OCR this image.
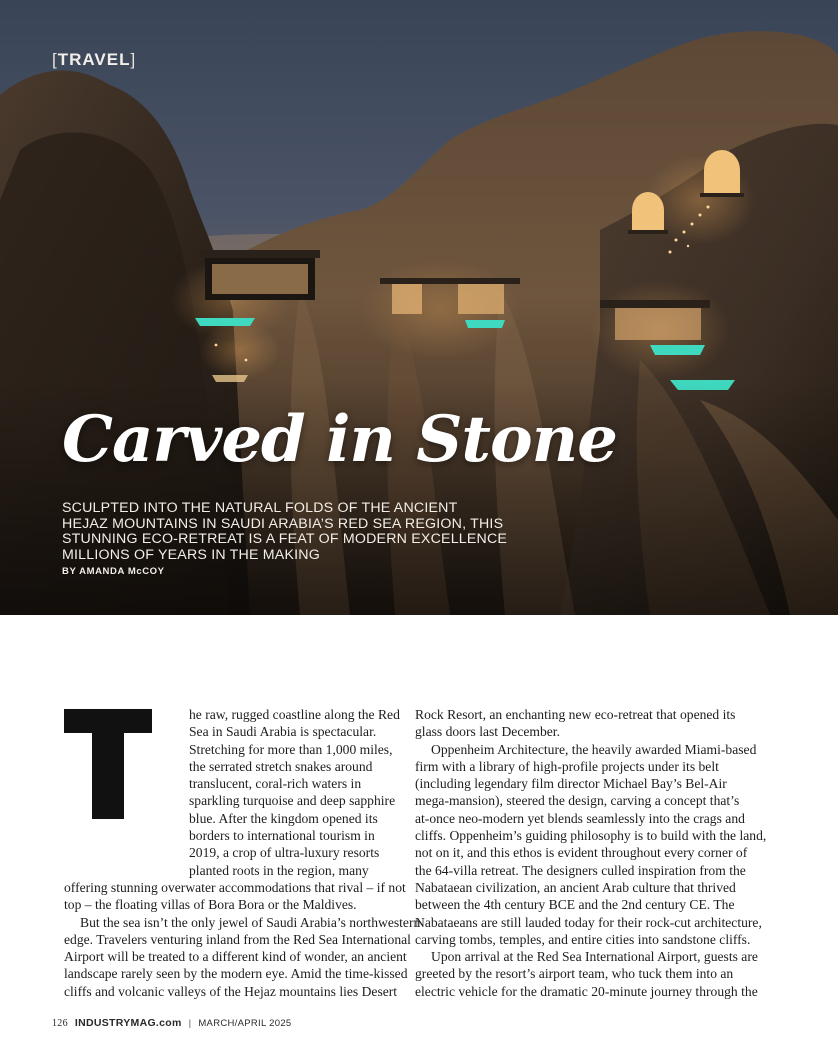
[TRAVEL]
Carved in Stone
SCULPTED INTO THE NATURAL FOLDS OF THE ANCIENT
HEJAZ MOUNTAINS IN SAUDI ARABIA’S RED SEA REGION, THIS
STUNNING ECO-RETREAT IS A FEAT OF MODERN EXCELLENCE
MILLIONS OF YEARS IN THE MAKING
BY AMANDA McCOY
he raw, rugged coastline along the Red
Sea in Saudi Arabia is spectacular.
Stretching for more than 1,000 miles,
the serrated stretch snakes around
translucent, coral-rich waters in
sparkling turquoise and deep sapphire
blue. After the kingdom opened its
borders to international tourism in
2019, a crop of ultra-luxury resorts
planted roots in the region, many

offering stunning overwater accommodations that rival – if not
top – the floating villas of Bora Bora or the Maldives.

But the sea isn’t the only jewel of Saudi Arabia’s northwestern
edge. Travelers venturing inland from the Red Sea International
Airport will be treated to a different kind of wonder, an ancient
landscape rarely seen by the modern eye. Amid the time-kissed
cliffs and volcanic valleys of the Hejaz mountains lies Desert

Rock Resort, an enchanting new eco-retreat that opened its
glass doors last December.

Oppenheim Architecture, the heavily awarded Miami-based
firm with a library of high-profile projects under its belt
(including legendary film director Michael Bay’s Bel-Air
mega-mansion), steered the design, carving a concept that’s
at-once neo-modern yet blends seamlessly into the crags and
cliffs. Oppenheim’s guiding philosophy is to build with the land,
not on it, and this ethos is evident throughout every corner of
the 64-villa retreat. The designers culled inspiration from the
Nabataean civilization, an ancient Arab culture that thrived
between the 4th century BCE and the 2nd century CE. The
Nabataeans are still lauded today for their rock-cut architecture,
carving tombs, temples, and entire cities into sandstone cliffs.

Upon arrival at the Red Sea International Airport, guests are
greeted by the resort’s airport team, who tuck them into an
electric vehicle for the dramatic 20-minute journey through the

126 INDUSTRYMAG.com | MARCH/APRIL 2025
